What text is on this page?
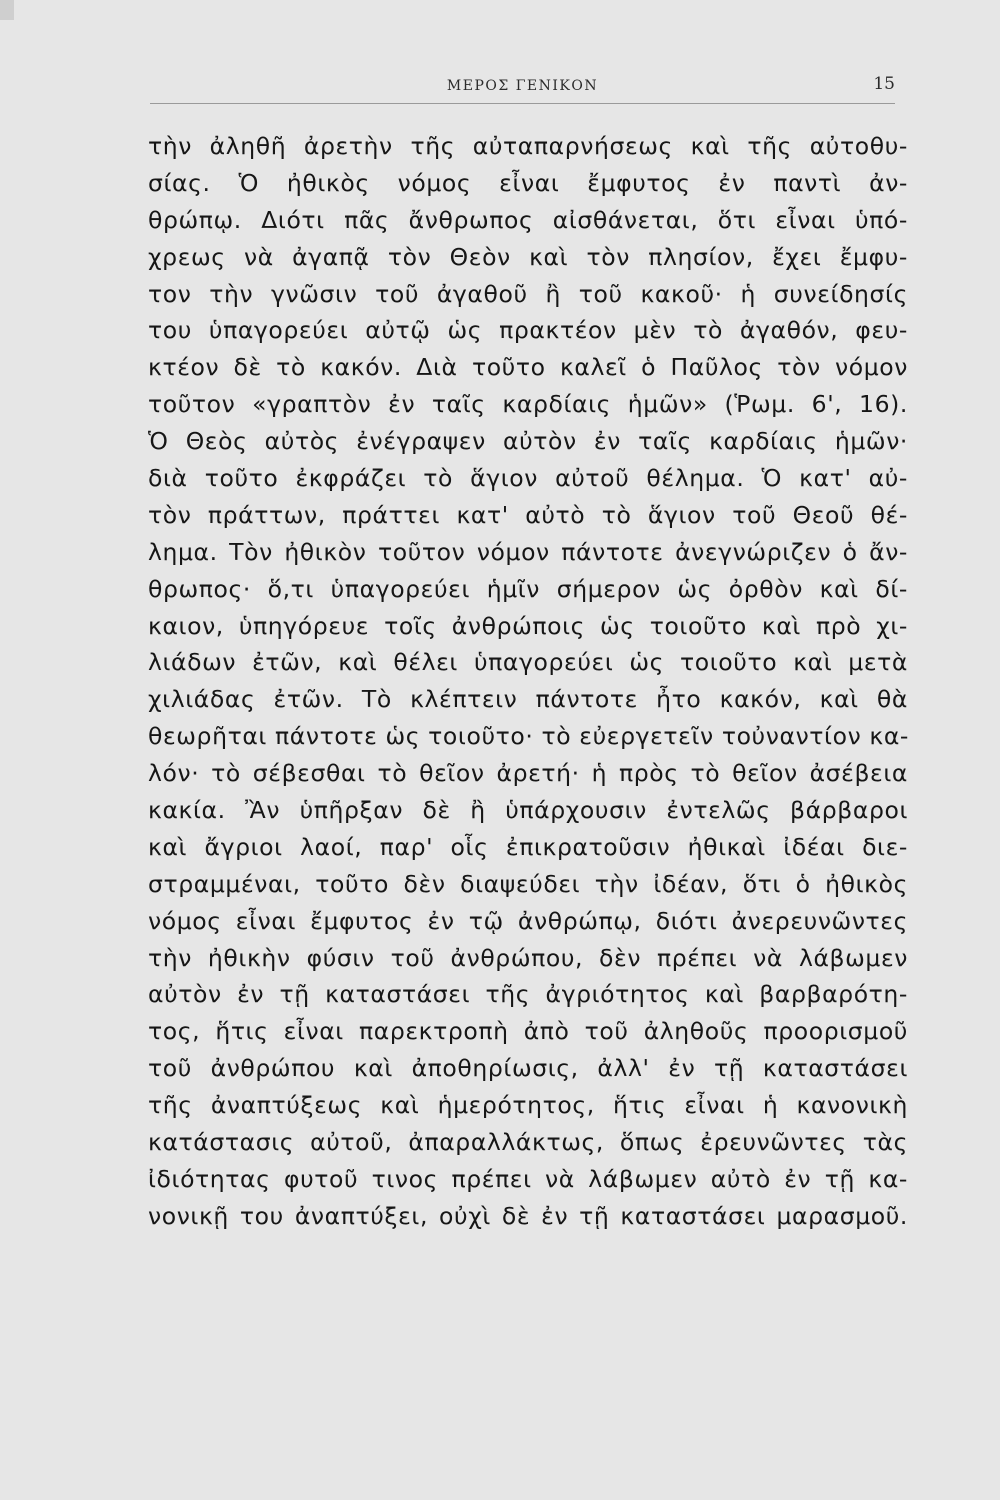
ΜΕΡΟΣ ΓΕΝΙΚΟΝ	15
τὴν ἀληθῆ ἀρετὴν τῆς αὐταπαρνήσεως καὶ τῆς αὐτοθυ-
σίας. Ὁ ἠθικὸς νόμος εἶναι ἔμφυτος ἐν παντὶ ἀν-
θρώπῳ. Διότι πᾶς ἄνθρωπος αἰσθάνεται, ὅτι εἶναι ὑπό-
χρεως νὰ ἀγαπᾷ τὸν Θεὸν καὶ τὸν πλησίον, ἔχει ἔμφυ-
τον τὴν γνῶσιν τοῦ ἀγαθοῦ ἢ τοῦ κακοῦ· ἡ συνείδησίς
του ὑπαγορεύει αὐτῷ ὡς πρακτέον μὲν τὸ ἀγαθόν, φευ-
κτέον δὲ τὸ κακόν. Διὰ τοῦτο καλεῖ ὁ Παῦλος τὸν νόμον
τοῦτον «γραπτὸν ἐν ταῖς καρδίαις ἡμῶν» (Ῥωμ. 6', 16).
Ὁ Θεὸς αὐτὸς ἐνέγραψεν αὐτὸν ἐν ταῖς καρδίαις ἡμῶν·
διὰ τοῦτο ἐκφράζει τὸ ἅγιον αὐτοῦ θέλημα. Ὁ κατ' αὐ-
τὸν πράττων, πράττει κατ' αὐτὸ τὸ ἅγιον τοῦ Θεοῦ θέ-
λημα. Τὸν ἠθικὸν τοῦτον νόμον πάντοτε ἀνεγνώριζεν ὁ ἄν-
θρωπος· ὅ,τι ὑπαγορεύει ἡμῖν σήμερον ὡς ὀρθὸν καὶ δί-
καιον, ὑπηγόρευε τοῖς ἀνθρώποις ὡς τοιοῦτο καὶ πρὸ χι-
λιάδων ἐτῶν, καὶ θέλει ὑπαγορεύει ὡς τοιοῦτο καὶ μετὰ
χιλιάδας ἐτῶν. Τὸ κλέπτειν πάντοτε ἦτο κακόν, καὶ θὰ
θεωρῆται πάντοτε ὡς τοιοῦτο· τὸ εὐεργετεῖν τοὐναντίον κα-
λόν· τὸ σέβεσθαι τὸ θεῖον ἀρετή· ἡ πρὸς τὸ θεῖον ἀσέβεια
κακία. Ἂν ὑπῆρξαν δὲ ἢ ὑπάρχουσιν ἐντελῶς βάρβαροι
καὶ ἄγριοι λαοί, παρ' οἷς ἐπικρατοῦσιν ἠθικαὶ ἰδέαι διε-
στραμμέναι, τοῦτο δὲν διαψεύδει τὴν ἰδέαν, ὅτι ὁ ἠθικὸς
νόμος εἶναι ἔμφυτος ἐν τῷ ἀνθρώπῳ, διότι ἀνερευνῶντες
τὴν ἠθικὴν φύσιν τοῦ ἀνθρώπου, δὲν πρέπει νὰ λάβωμεν
αὐτὸν ἐν τῇ καταστάσει τῆς ἀγριότητος καὶ βαρβαρότη-
τος, ἥτις εἶναι παρεκτροπὴ ἀπὸ τοῦ ἀληθοῦς προορισμοῦ
τοῦ ἀνθρώπου καὶ ἀποθηρίωσις, ἀλλ' ἐν τῇ καταστάσει
τῆς ἀναπτύξεως καὶ ἡμερότητος, ἥτις εἶναι ἡ κανονικὴ
κατάστασις αὐτοῦ, ἀπαραλλάκτως, ὅπως ἐρευνῶντες τὰς
ἰδιότητας φυτοῦ τινος πρέπει νὰ λάβωμεν αὐτὸ ἐν τῇ κα-
νονικῇ του ἀναπτύξει, οὐχὶ δὲ ἐν τῇ καταστάσει μαρασμοῦ.
